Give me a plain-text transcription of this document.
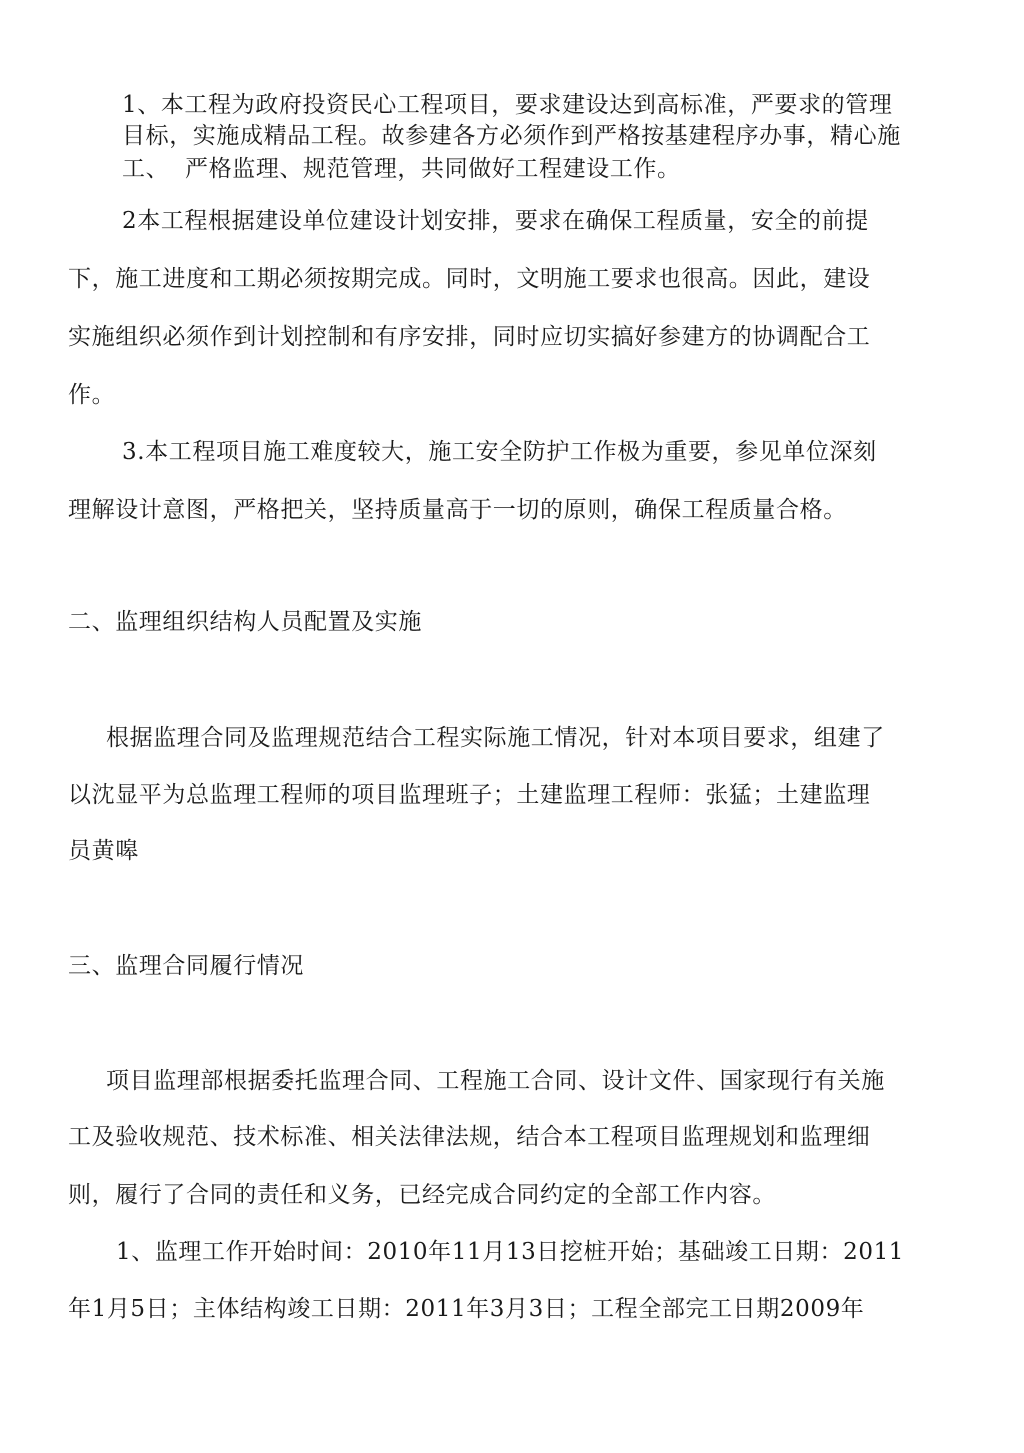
1、本工程为政府投资民心工程项目，要求建设达到高标准，严要求的管理

目标，实施成精品工程。故参建各方必须作到严格按基建程序办事，精心施

工、  严格监理、规范管理，共同做好工程建设工作。

2本工程根据建设单位建设计划安排，要求在确保工程质量，安全的前提

下，施工进度和工期必须按期完成。同时，文明施工要求也很高。因此，建设

实施组织必须作到计划控制和有序安排，同时应切实搞好参建方的协调配合工

作。

3.本工程项目施工难度较大，施工安全防护工作极为重要，参见单位深刻

理解设计意图，严格把关，坚持质量高于一切的原则，确保工程质量合格。

二、监理组织结构人员配置及实施

根据监理合同及监理规范结合工程实际施工情况，针对本项目要求，组建了

以沈显平为总监理工程师的项目监理班子；土建监理工程师：张猛；土建监理

员黄嗥

三、监理合同履行情况

项目监理部根据委托监理合同、工程施工合同、设计文件、国家现行有关施

工及验收规范、技术标准、相关法律法规，结合本工程项目监理规划和监理细

则，履行了合同的责任和义务，已经完成合同约定的全部工作内容。

1、监理工作开始时间：2010年11月13日挖桩开始；基础竣工日期：2011

年1月5日；主体结构竣工日期：2011年3月3日；工程全部完工日期2009年
